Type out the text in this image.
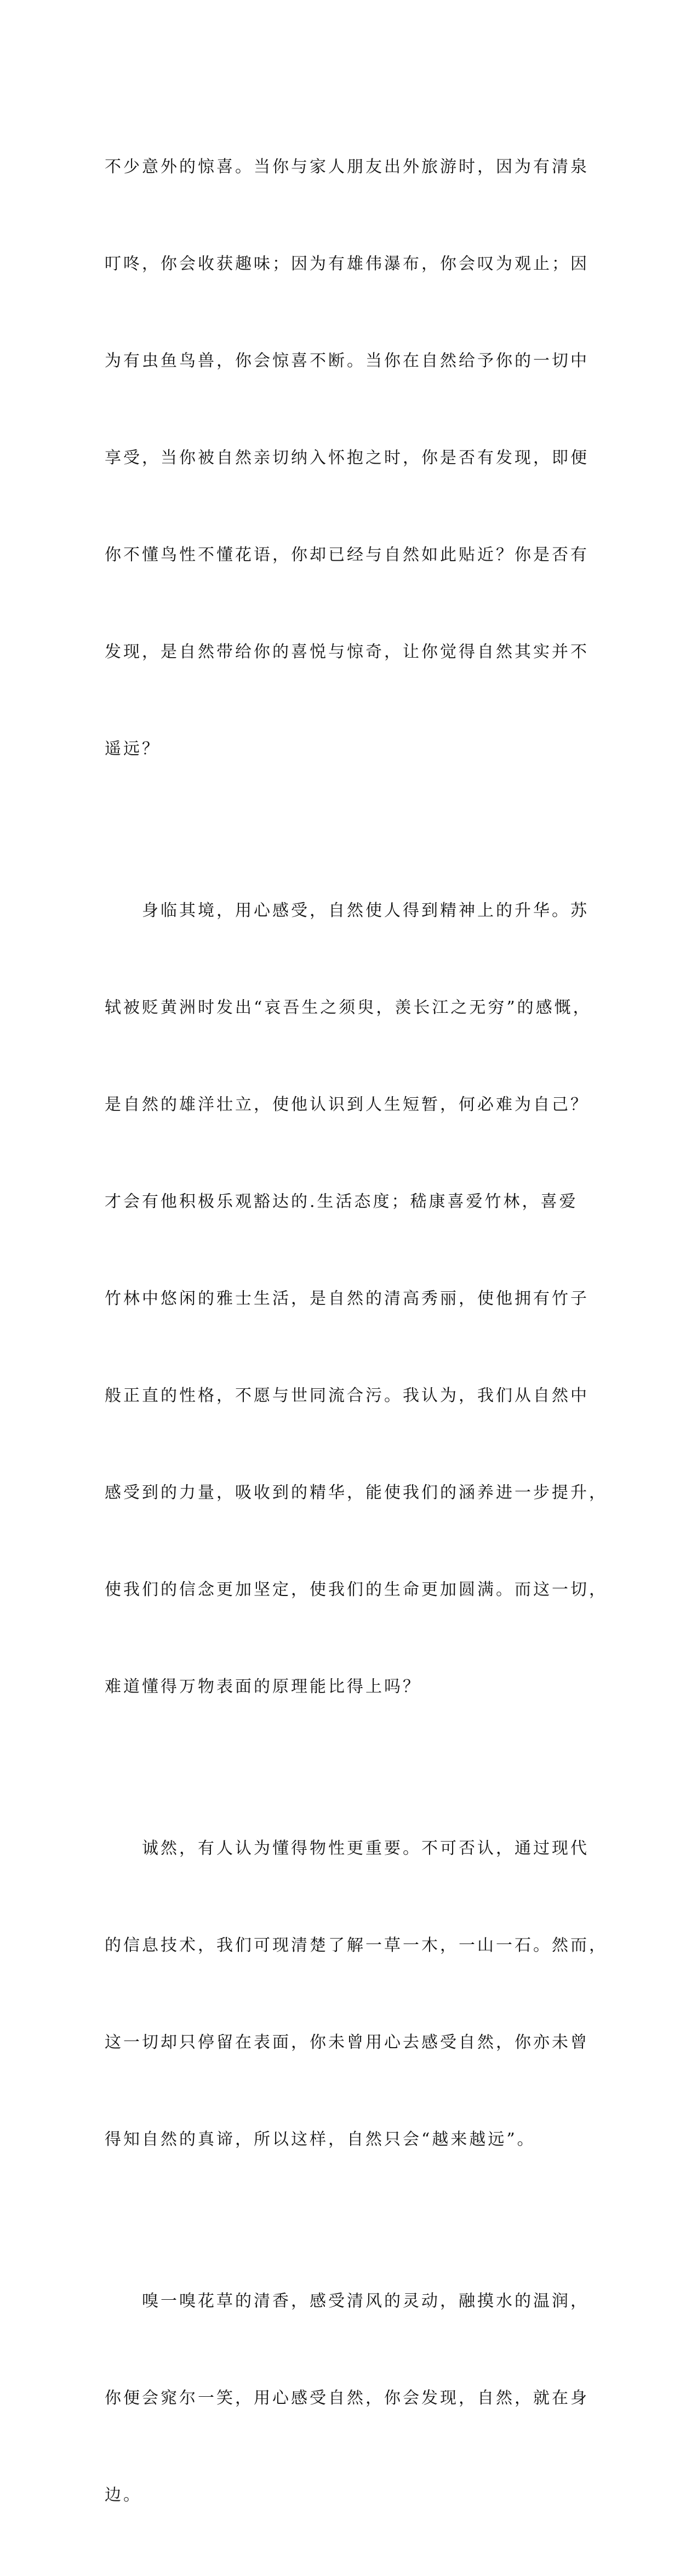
不少意外的惊喜。当你与家人朋友出外旅游时，因为有清泉

叮咚，你会收获趣味；因为有雄伟瀑布，你会叹为观止；因

为有虫鱼鸟兽，你会惊喜不断。当你在自然给予你的一切中

享受，当你被自然亲切纳入怀抱之时，你是否有发现，即便

你不懂鸟性不懂花语，你却已经与自然如此贴近？你是否有

发现，是自然带给你的喜悦与惊奇，让你觉得自然其实并不

遥远？

　　身临其境，用心感受，自然使人得到精神上的升华。苏

轼被贬黄洲时发出“哀吾生之须臾，羡长江之无穷”的感慨，

是自然的雄洋壮立，使他认识到人生短暂，何必难为自己？

才会有他积极乐观豁达的.生活态度；嵇康喜爱竹林，喜爱

竹林中悠闲的雅士生活，是自然的清高秀丽，使他拥有竹子

般正直的性格，不愿与世同流合污。我认为，我们从自然中

感受到的力量，吸收到的精华，能使我们的涵养进一步提升，

使我们的信念更加坚定，使我们的生命更加圆满。而这一切，

难道懂得万物表面的原理能比得上吗？

　　诚然，有人认为懂得物性更重要。不可否认，通过现代

的信息技术，我们可现清楚了解一草一木，一山一石。然而，

这一切却只停留在表面，你未曾用心去感受自然，你亦未曾

得知自然的真谛，所以这样，自然只会“越来越远”。

　　嗅一嗅花草的清香，感受清风的灵动，融摸水的温润，

你便会窕尔一笑，用心感受自然，你会发现，自然，就在身

边。
